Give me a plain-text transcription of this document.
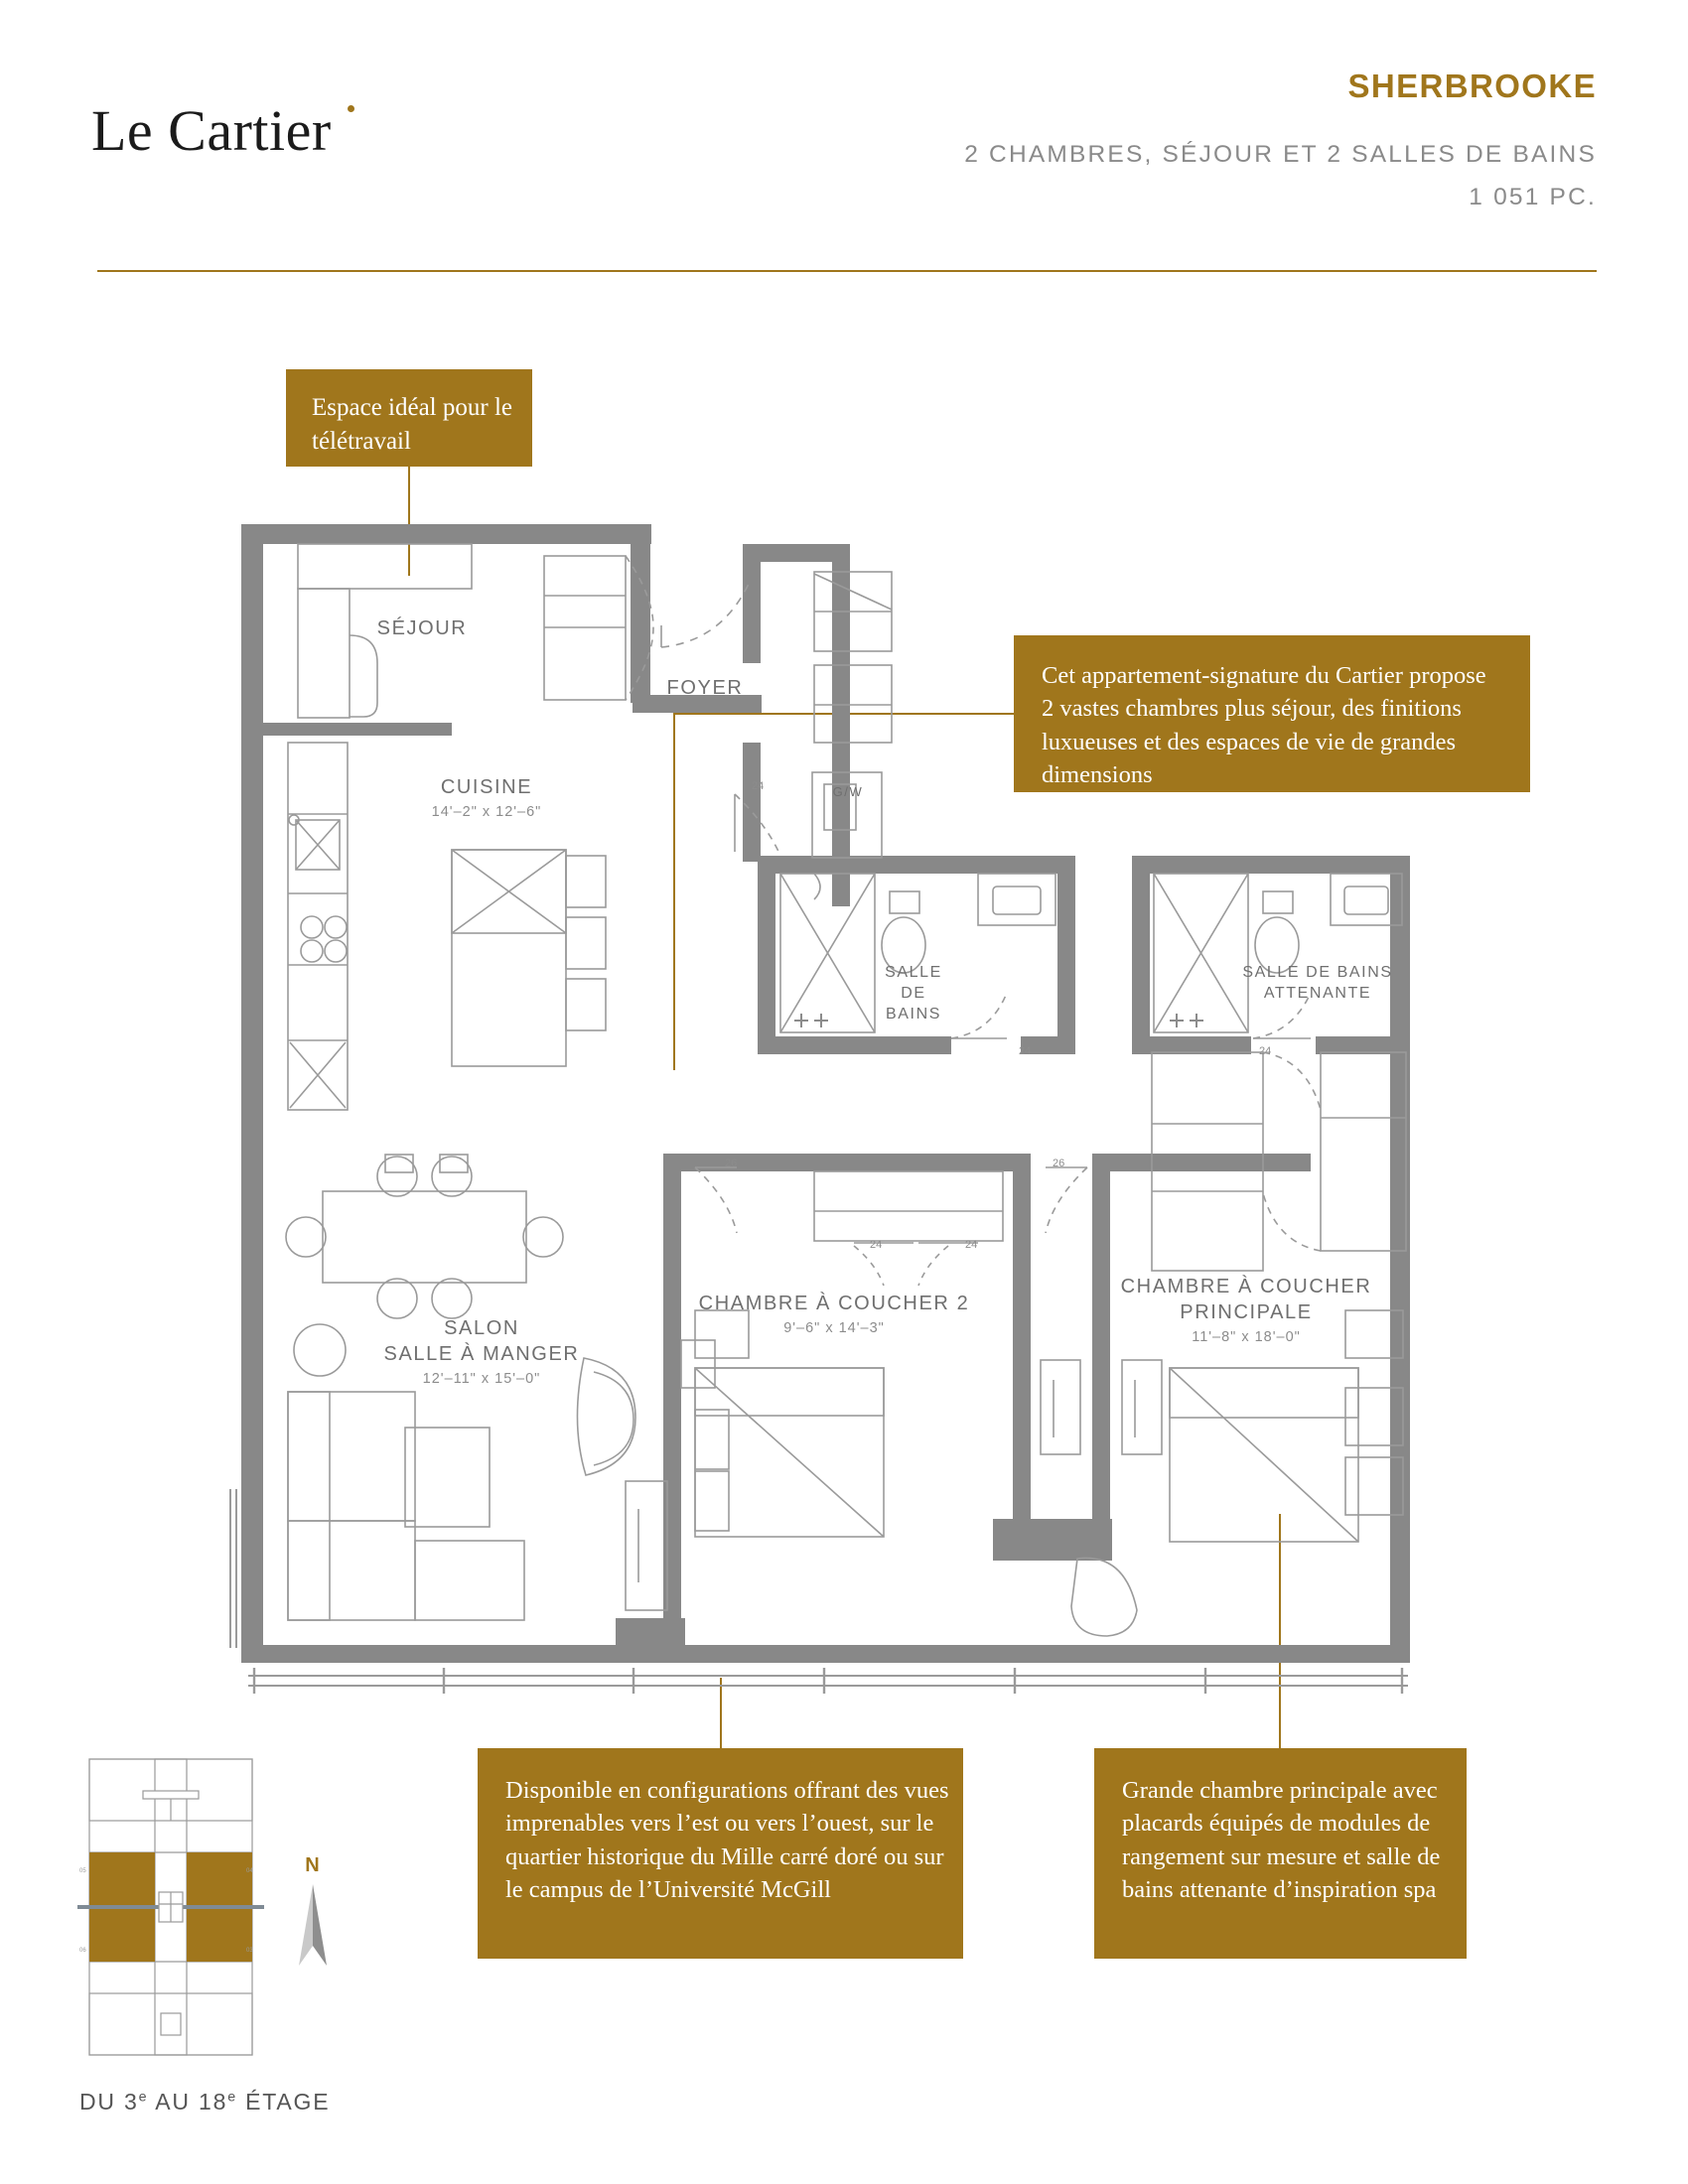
Le Cartier
SHERBROOKE
2 CHAMBRES, SÉJOUR ET 2 SALLES DE BAINS
1 051 PC.
Espace idéal pour le télétravail
Cet appartement-signature du Cartier propose 2 vastes chambres plus séjour, des finitions luxueuses et des espaces de vie de grandes dimensions
Disponible en configurations offrant des vues imprenables vers l’est ou vers l’ouest, sur le quartier historique du Mille carré doré ou sur le campus de l’Université McGill
Grande chambre principale avec placards équipés de modules de rangement sur mesure et salle de bains attenante d’inspiration spa
24
24	24
24	24
26	26
SÉJOUR
FOYER
CUISINE
14'–2" x 12'–6"
SALLE
DE
BAINS
SALLE DE BAINS
ATTENANTE
CHAMBRE À COUCHER 2
9'–6" x 14'–3"
CHAMBRE À COUCHER
PRINCIPALE
11'–8" x 18'–0"
SALON
SALLE À MANGER
12'–11" x 15'–0"
G/W
05
06
04
03
DU 3e AU 18e ÉTAGE
N
